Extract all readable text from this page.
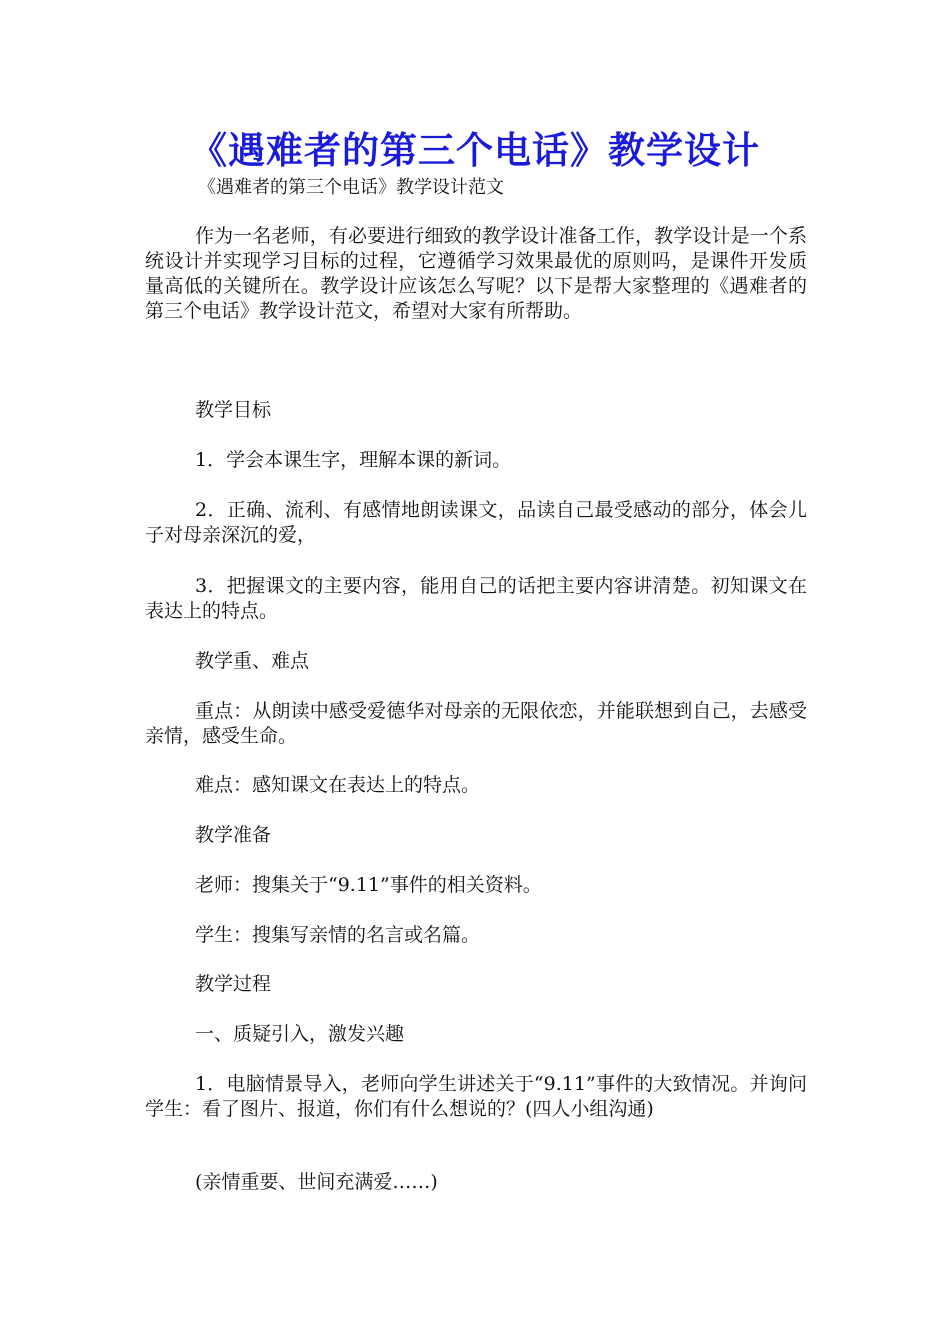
《遇难者的第三个电话》教学设计
《遇难者的第三个电话》教学设计范文
作为一名老师，有必要进行细致的教学设计准备工作，教学设计是一个系统设计并实现学习目标的过程，它遵循学习效果最优的原则吗，是课件开发质量高低的关键所在。教学设计应该怎么写呢？以下是帮大家整理的《遇难者的第三个电话》教学设计范文，希望对大家有所帮助。
教学目标
1．学会本课生字，理解本课的新词。
2．正确、流利、有感情地朗读课文，品读自己最受感动的部分，体会儿子对母亲深沉的爱，
3．把握课文的主要内容，能用自己的话把主要内容讲清楚。初知课文在表达上的特点。
教学重、难点
重点：从朗读中感受爱德华对母亲的无限依恋，并能联想到自己，去感受亲情，感受生命。
难点：感知课文在表达上的特点。
教学准备
老师：搜集关于“9.11”事件的相关资料。
学生：搜集写亲情的名言或名篇。
教学过程
一、质疑引入，激发兴趣
1．电脑情景导入，老师向学生讲述关于“9.11”事件的大致情况。并询问学生：看了图片、报道，你们有什么想说的？(四人小组沟通)
(亲情重要、世间充满爱……)
